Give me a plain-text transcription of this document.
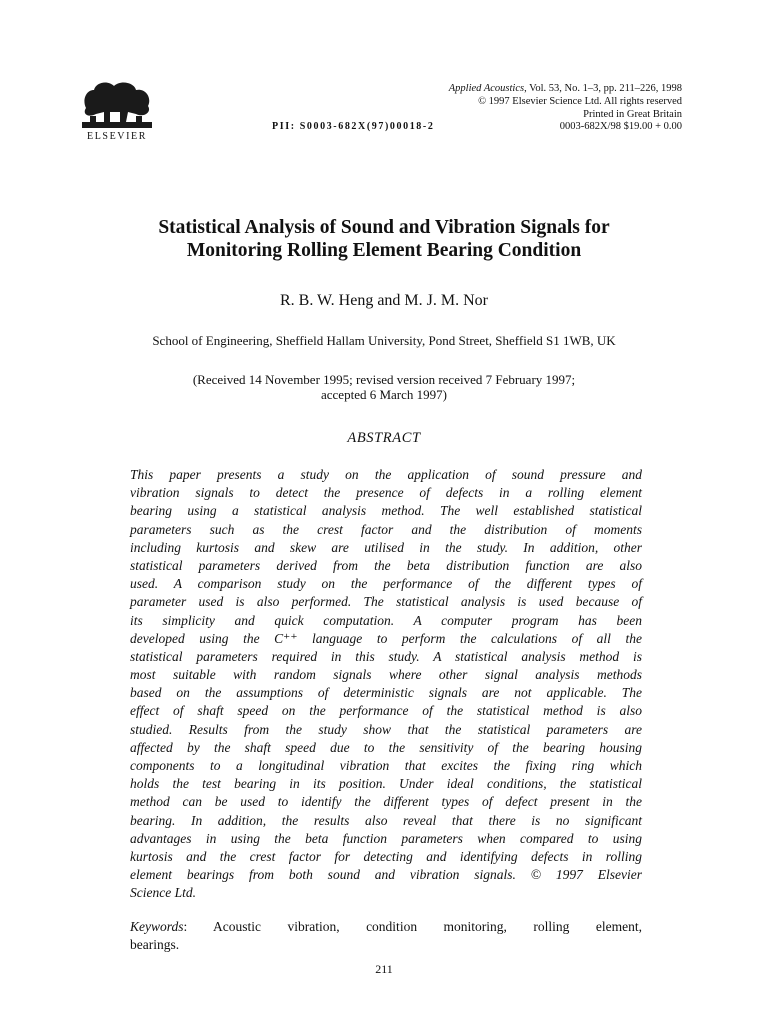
ELSEVIER
Applied Acoustics, Vol. 53, No. 1–3, pp. 211–226, 1998
© 1997 Elsevier Science Ltd. All rights reserved
Printed in Great Britain
PII: S0003-682X(97)00018-2	0003-682X/98 $19.00 + 0.00
Statistical Analysis of Sound and Vibration Signals for
Monitoring Rolling Element Bearing Condition
R. B. W. Heng and M. J. M. Nor
School of Engineering, Sheffield Hallam University, Pond Street, Sheffield S1 1WB, UK
(Received 14 November 1995; revised version received 7 February 1997;
accepted 6 March 1997)
ABSTRACT
This paper presents a study on the application of sound pressure and
vibration signals to detect the presence of defects in a rolling element
bearing using a statistical analysis method. The well established statistical
parameters such as the crest factor and the distribution of moments
including kurtosis and skew are utilised in the study. In addition, other
statistical parameters derived from the beta distribution function are also
used. A comparison study on the performance of the different types of
parameter used is also performed. The statistical analysis is used because of
its simplicity and quick computation. A computer program has been
developed using the C⁺⁺ language to perform the calculations of all the
statistical parameters required in this study. A statistical analysis method is
most suitable with random signals where other signal analysis methods
based on the assumptions of deterministic signals are not applicable. The
effect of shaft speed on the performance of the statistical method is also
studied. Results from the study show that the statistical parameters are
affected by the shaft speed due to the sensitivity of the bearing housing
components to a longitudinal vibration that excites the fixing ring which
holds the test bearing in its position. Under ideal conditions, the statistical
method can be used to identify the different types of defect present in the
bearing. In addition, the results also reveal that there is no significant
advantages in using the beta function parameters when compared to using
kurtosis and the crest factor for detecting and identifying defects in rolling
element bearings from both sound and vibration signals. © 1997 Elsevier
Science Ltd.
Keywords: Acoustic vibration, condition monitoring, rolling element,
bearings.
211
